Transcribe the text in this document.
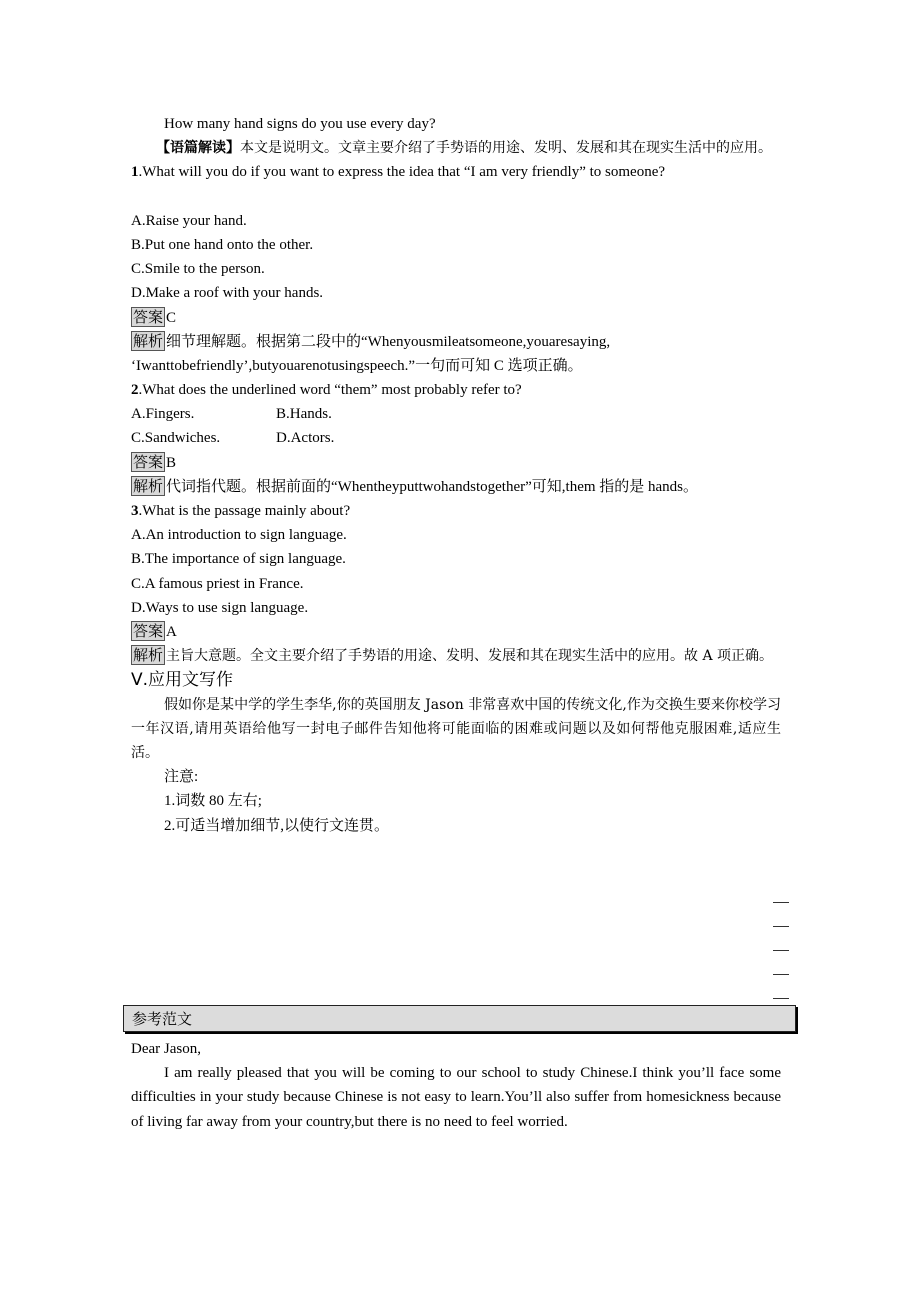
How many hand signs do you use every day?
【语篇解读】本文是说明文。文章主要介绍了手势语的用途、发明、发展和其在现实生活中的应用。
1.What will you do if you want to express the idea that “I am very friendly” to someone?
A.Raise your hand.
B.Put one hand onto the other.
C.Smile to the person.
D.Make a roof with your hands.
答案 C
解析 细节理解题。根据第二段中的“Whenyousmileatsomeone,youaresaying,
‘Iwanttobefriendly’,butyouarenotusingspeech.”一句而可知 C 选项正确。
2.What does the underlined word “them” most probably refer to?
A.Fingers.	B.Hands.
C.Sandwiches.	D.Actors.
答案 B
解析 代词指代题。根据前面的“Whentheyputtwohandstogether”可知,them 指的是 hands。
3.What is the passage mainly about?
A.An introduction to sign language.
B.The importance of sign language.
C.A famous priest in France.
D.Ways to use sign language.
答案 A
解析 主旨大意题。全文主要介绍了手势语的用途、发明、发展和其在现实生活中的应用。故 A 项正确。
Ⅴ.应用文写作
假如你是某中学的学生李华,你的英国朋友 Jason 非常喜欢中国的传统文化,作为交换生要来你校学习一年汉语,请用英语给他写一封电子邮件告知他将可能面临的困难或问题以及如何帮他克服困难,适应生活。
注意:
1.词数 80 左右;
2.可适当增加细节,以使行文连贯。
参考范文
Dear Jason,
I am really pleased that you will be coming to our school to study Chinese.I think you’ll face some difficulties in your study because Chinese is not easy to learn.You’ll also suffer from homesickness because of living far away from your country,but there is no need to feel worried.
